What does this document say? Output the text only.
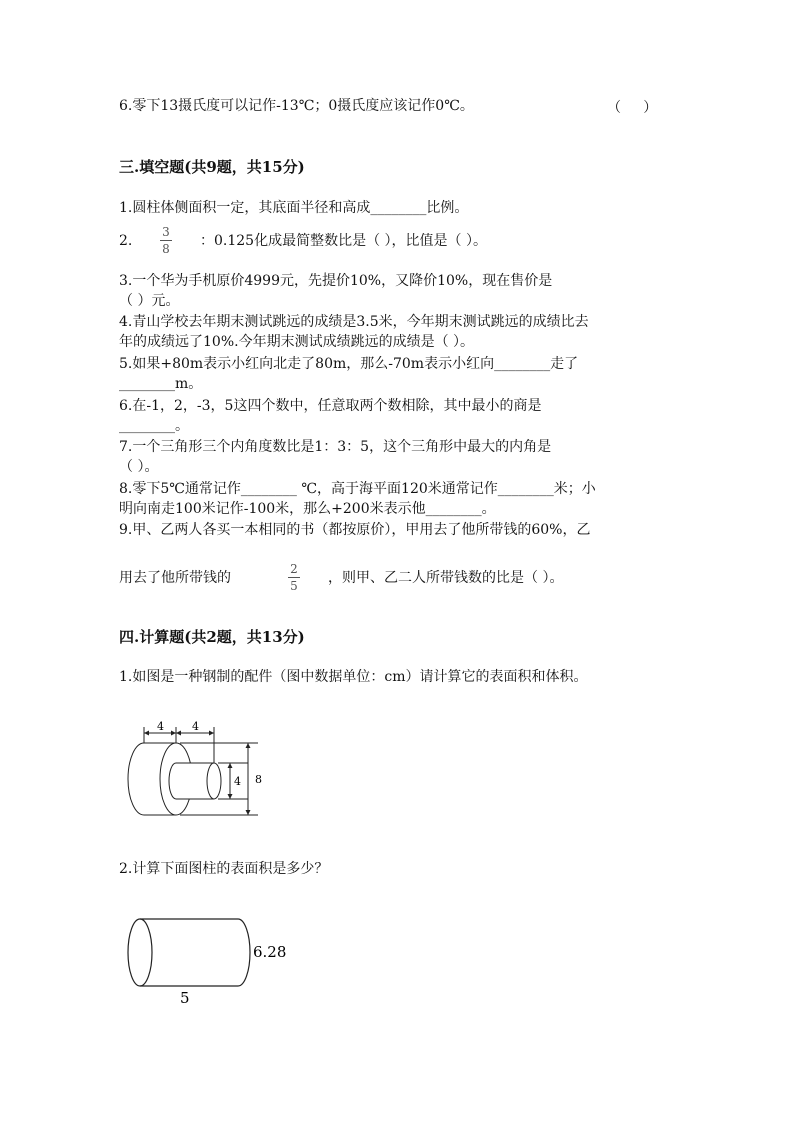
6.零下13摄氏度可以记作-13℃；0摄氏度应该记作0℃。	（     ）
三.填空题(共9题，共15分)
1.圆柱体侧面积一定，其底面半径和高成________比例。
2.
3
8 ：0.125化成最简整数比是（ ），比值是（ ）。
3.一个华为手机原价4999元，先提价10%，又降价10%，现在售价是
（ ）元。
4.青山学校去年期末测试跳远的成绩是3.5米，今年期末测试跳远的成绩比去
年的成绩远了10%.今年期末测试成绩跳远的成绩是（ ）。
5.如果+80m表示小红向北走了80m，那么-70m表示小红向________走了
________m。
6.在-1，2，-3，5这四个数中，任意取两个数相除，其中最小的商是
________。
7.一个三角形三个内角度数比是1：3：5，这个三角形中最大的内角是
（ ）。
8.零下5℃通常记作________ ℃，高于海平面120米通常记作________米；小
明向南走100米记作-100米，那么+200米表示他________。
9.甲、乙两人各买一本相同的书（都按原价），甲用去了他所带钱的60%，乙
用去了他所带钱的
2
5 ，则甲、乙二人所带钱数的比是（ ）。
四.计算题(共2题，共13分)
1.如图是一种钢制的配件（图中数据单位：cm）请计算它的表面积和体积。
4	4
4 8
2.计算下面图柱的表面积是多少？
6.28
5
